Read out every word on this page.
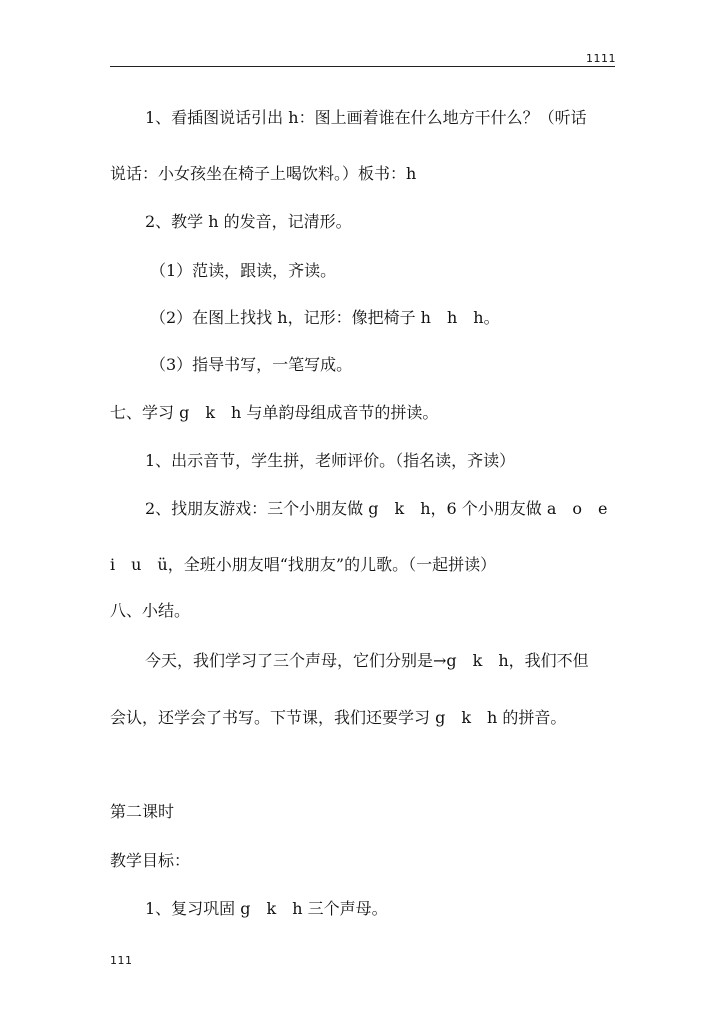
1111
1、看插图说话引出 h：图上画着谁在什么地方干什么？（听话
说话：小女孩坐在椅子上喝饮料。）板书：h
2、教学 h 的发音，记清形。
（1）范读，跟读，齐读。
（2）在图上找找 h，记形：像把椅子 h　h　h。
（3）指导书写，一笔写成。
七、学习 g　k　h 与单韵母组成音节的拼读。
1、出示音节，学生拼，老师评价。（指名读，齐读）
2、找朋友游戏：三个小朋友做 g　k　h，6 个小朋友做 a　o　e
i　u　ü，全班小朋友唱“找朋友”的儿歌。（一起拼读）
八、小结。
今天，我们学习了三个声母，它们分别是→g　k　h，我们不但
会认，还学会了书写。下节课，我们还要学习 g　k　h 的拼音。
第二课时
教学目标：
1、复习巩固 g　k　h 三个声母。
111
